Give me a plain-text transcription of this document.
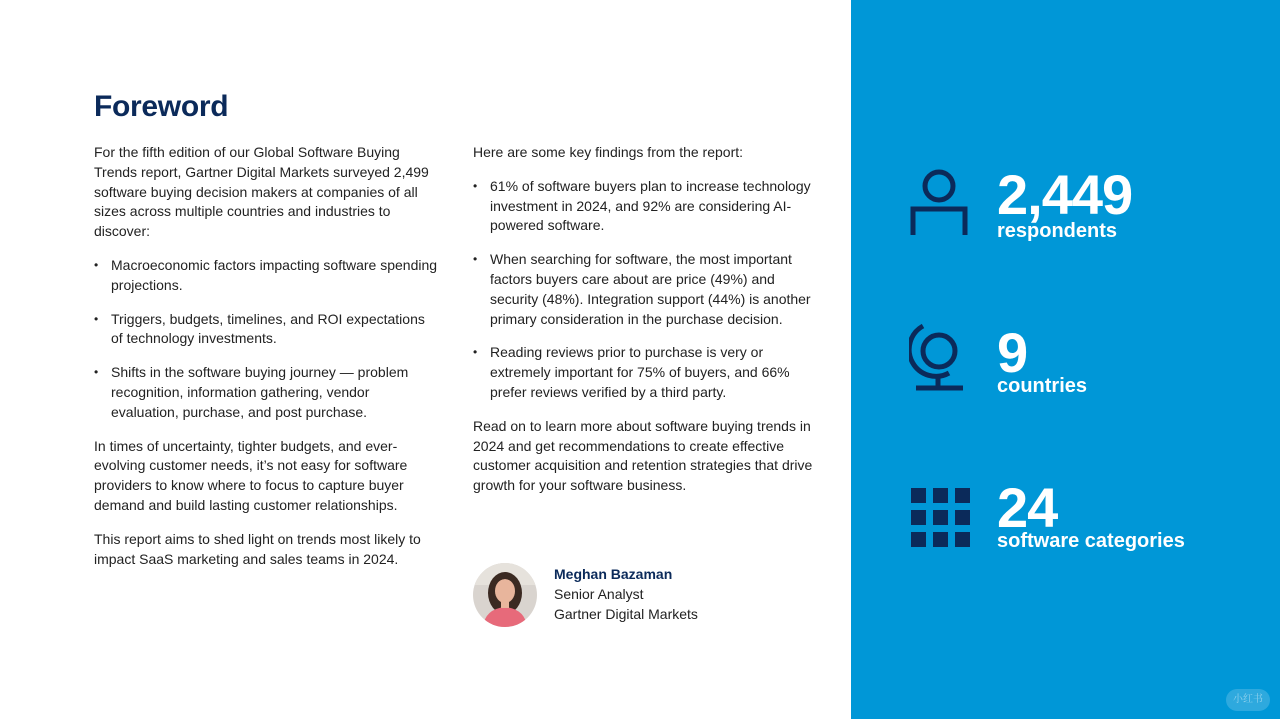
Foreword

For the fifth edition of our Global Software Buying Trends report, Gartner Digital Markets surveyed 2,499 software buying decision makers at companies of all sizes across multiple countries and industries to discover:

• Macroeconomic factors impacting software spending projections.
• Triggers, budgets, timelines, and ROI expectations of technology investments.
• Shifts in the software buying journey — problem recognition, information gathering, vendor evaluation, purchase, and post purchase.

In times of uncertainty, tighter budgets, and ever-evolving customer needs, it’s not easy for software providers to know where to focus to capture buyer demand and build lasting customer relationships.

This report aims to shed light on trends most likely to impact SaaS marketing and sales teams in 2024.

Here are some key findings from the report:

• 61% of software buyers plan to increase technology investment in 2024, and 92% are considering AI-powered software.
• When searching for software, the most important factors buyers care about are price (49%) and security (48%). Integration support (44%) is another primary consideration in the purchase decision.
• Reading reviews prior to purchase is very or extremely important for 75% of buyers, and 66% prefer reviews verified by a third party.

Read on to learn more about software buying trends in 2024 and get recommendations to create effective customer acquisition and retention strategies that drive growth for your software business.

Meghan Bazaman
Senior Analyst
Gartner Digital Markets
2,449
respondents
9
countries
24
software categories
小红书
